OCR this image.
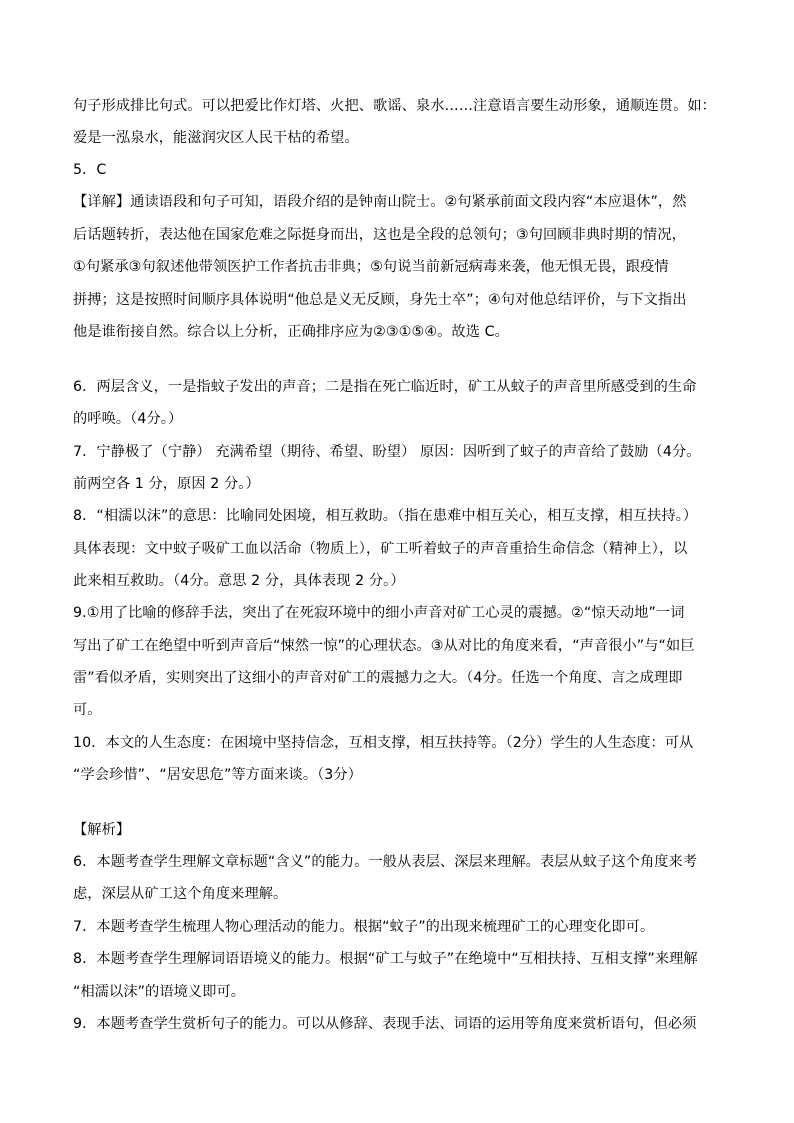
句子形成排比句式。可以把爱比作灯塔、火把、歌谣、泉水……注意语言要生动形象，通顺连贯。如：
爱是一泓泉水，能滋润灾区人民干枯的希望。
5．C
【详解】通读语段和句子可知，语段介绍的是钟南山院士。②句紧承前面文段内容“本应退休”，然
后话题转折，表达他在国家危难之际挺身而出，这也是全段的总领句；③句回顾非典时期的情况，
①句紧承③句叙述他带领医护工作者抗击非典；⑤句说当前新冠病毒来袭，他无惧无畏，跟疫情
拼搏；这是按照时间顺序具体说明“他总是义无反顾，身先士卒”；④句对他总结评价，与下文指出
他是谁衔接自然。综合以上分析，正确排序应为②③①⑤④。故选 C。
6．两层含义，一是指蚊子发出的声音；二是指在死亡临近时，矿工从蚊子的声音里所感受到的生命
的呼唤。（4分。）
7．宁静极了（宁静） 充满希望（期待、希望、盼望） 原因：因听到了蚊子的声音给了鼓励（4分。
前两空各 1 分，原因 2 分。）
8．“相濡以沫”的意思：比喻同处困境，相互救助。（指在患难中相互关心，相互支撑，相互扶持。）
具体表现：文中蚊子吸矿工血以活命（物质上），矿工听着蚊子的声音重拾生命信念（精神上），以
此来相互救助。（4分。意思 2 分，具体表现 2 分。）
9.①用了比喻的修辞手法，突出了在死寂环境中的细小声音对矿工心灵的震撼。②“惊天动地”一词
写出了矿工在绝望中听到声音后“悚然一惊”的心理状态。③从对比的角度来看，“声音很小”与“如巨
雷”看似矛盾，实则突出了这细小的声音对矿工的震撼力之大。（4分。任选一个角度、言之成理即
可。
10．本文的人生态度：在困境中坚持信念，互相支撑，相互扶持等。（2分）学生的人生态度：可从
“学会珍惜”、“居安思危”等方面来谈。（3分）
【解析】
6．本题考查学生理解文章标题“含义”的能力。一般从表层、深层来理解。表层从蚊子这个角度来考
虑，深层从矿工这个角度来理解。
7．本题考查学生梳理人物心理活动的能力。根据“蚊子”的出现来梳理矿工的心理变化即可。
8．本题考查学生理解词语语境义的能力。根据“矿工与蚊子”在绝境中“互相扶持、互相支撑”来理解
“相濡以沫”的语境义即可。
9．本题考查学生赏析句子的能力。可以从修辞、表现手法、词语的运用等角度来赏析语句，但必须
